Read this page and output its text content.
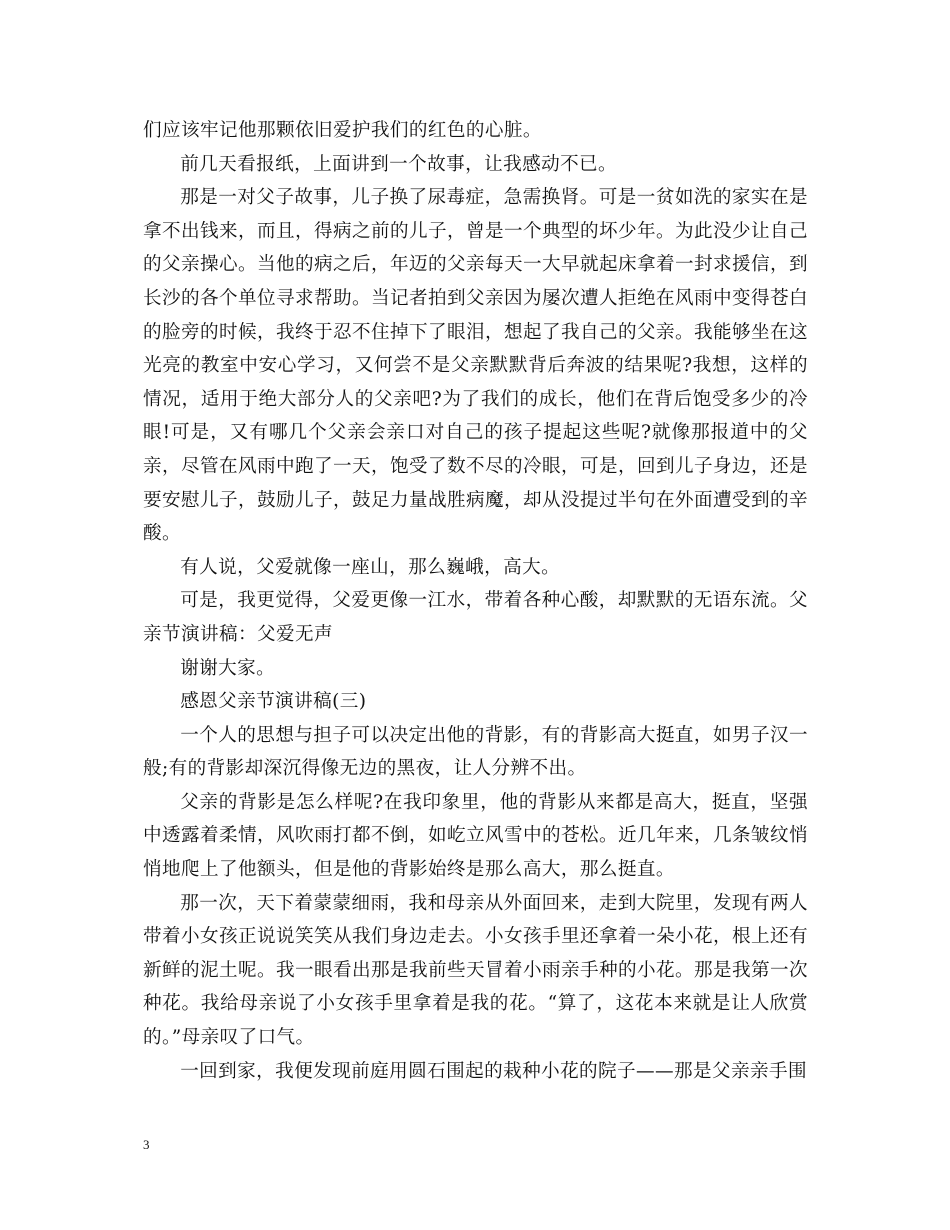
们应该牢记他那颗依旧爱护我们的红色的心脏。

前几天看报纸，上面讲到一个故事，让我感动不已。

那是一对父子故事，儿子换了尿毒症，急需换肾。可是一贫如洗的家实在是拿不出钱来，而且，得病之前的儿子，曾是一个典型的坏少年。为此没少让自己的父亲操心。当他的病之后，年迈的父亲每天一大早就起床拿着一封求援信，到长沙的各个单位寻求帮助。当记者拍到父亲因为屡次遭人拒绝在风雨中变得苍白的脸旁的时候，我终于忍不住掉下了眼泪，想起了我自己的父亲。我能够坐在这光亮的教室中安心学习，又何尝不是父亲默默背后奔波的结果呢?我想，这样的情况，适用于绝大部分人的父亲吧?为了我们的成长，他们在背后饱受多少的冷眼!可是，又有哪几个父亲会亲口对自己的孩子提起这些呢?就像那报道中的父亲，尽管在风雨中跑了一天，饱受了数不尽的冷眼，可是，回到儿子身边，还是要安慰儿子，鼓励儿子，鼓足力量战胜病魔，却从没提过半句在外面遭受到的辛酸。

有人说，父爱就像一座山，那么巍峨，高大。

可是，我更觉得，父爱更像一江水，带着各种心酸，却默默的无语东流。父亲节演讲稿：父爱无声

谢谢大家。

感恩父亲节演讲稿(三)

一个人的思想与担子可以决定出他的背影，有的背影高大挺直，如男子汉一般;有的背影却深沉得像无边的黑夜，让人分辨不出。

父亲的背影是怎么样呢?在我印象里，他的背影从来都是高大，挺直，坚强中透露着柔情，风吹雨打都不倒，如屹立风雪中的苍松。近几年来，几条皱纹悄悄地爬上了他额头，但是他的背影始终是那么高大，那么挺直。

那一次，天下着蒙蒙细雨，我和母亲从外面回来，走到大院里，发现有两人带着小女孩正说说笑笑从我们身边走去。小女孩手里还拿着一朵小花，根上还有新鲜的泥土呢。我一眼看出那是我前些天冒着小雨亲手种的小花。那是我第一次种花。我给母亲说了小女孩手里拿着是我的花。“算了，这花本来就是让人欣赏的。”母亲叹了口气。

一回到家，我便发现前庭用圆石围起的栽种小花的院子——那是父亲亲手围

3
